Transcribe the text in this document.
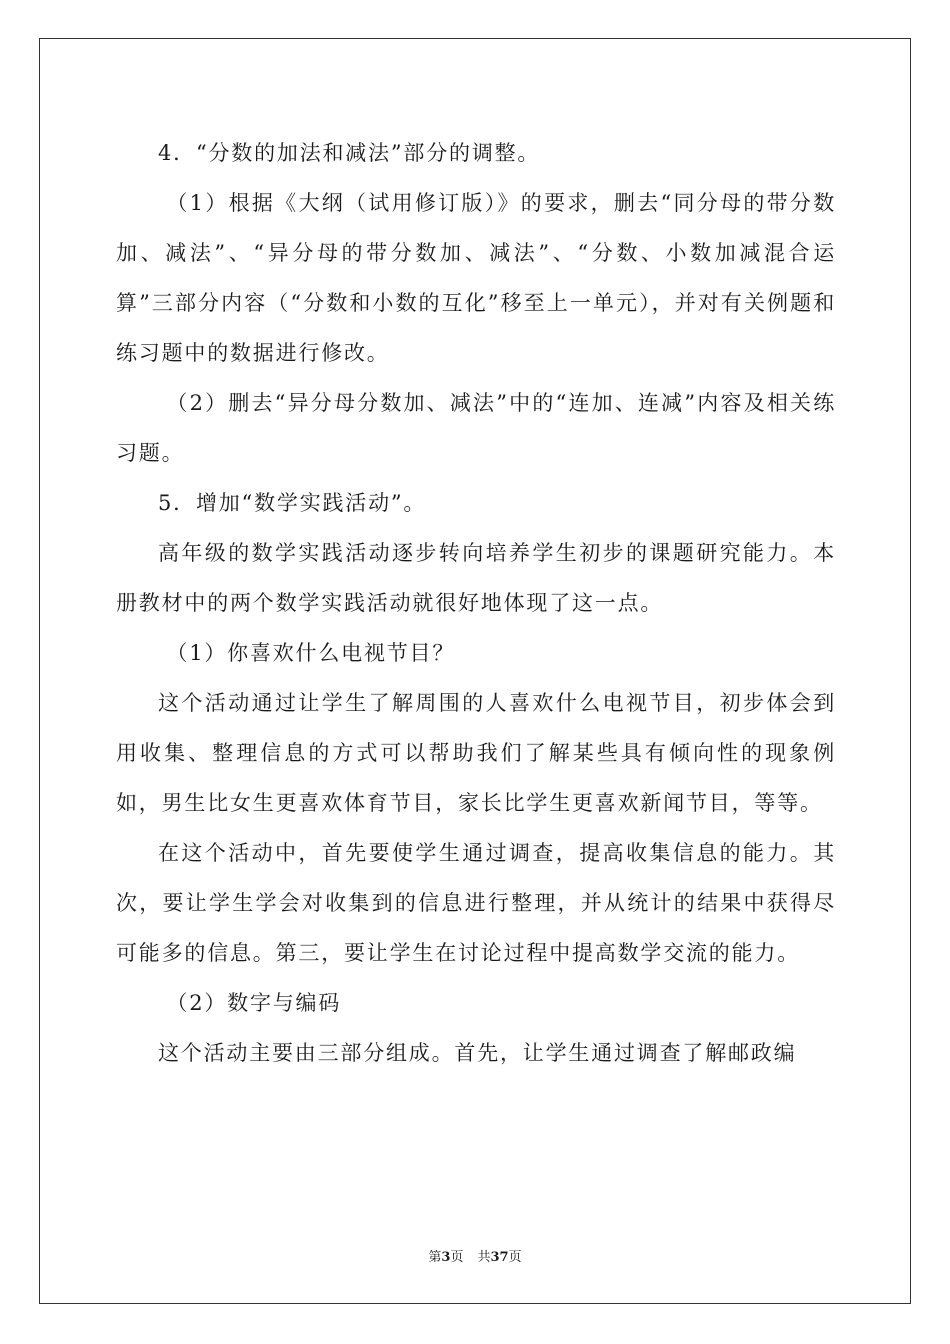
4．“分数的加法和减法”部分的调整。

（1）根据《大纲（试用修订版）》的要求，删去“同分母的带分数加、减法”、“异分母的带分数加、减法”、“分数、小数加减混合运算”三部分内容（“分数和小数的互化”移至上一单元），并对有关例题和练习题中的数据进行修改。

（2）删去“异分母分数加、减法”中的“连加、连减”内容及相关练习题。

5．增加“数学实践活动”。

高年级的数学实践活动逐步转向培养学生初步的课题研究能力。本册教材中的两个数学实践活动就很好地体现了这一点。

（1）你喜欢什么电视节目？

这个活动通过让学生了解周围的人喜欢什么电视节目，初步体会到用收集、整理信息的方式可以帮助我们了解某些具有倾向性的现象例如，男生比女生更喜欢体育节目，家长比学生更喜欢新闻节目，等等。

在这个活动中，首先要使学生通过调查，提高收集信息的能力。其次，要让学生学会对收集到的信息进行整理，并从统计的结果中获得尽可能多的信息。第三，要让学生在讨论过程中提高数学交流的能力。

（2）数字与编码

这个活动主要由三部分组成。首先，让学生通过调查了解邮政编

第3页 共37页
